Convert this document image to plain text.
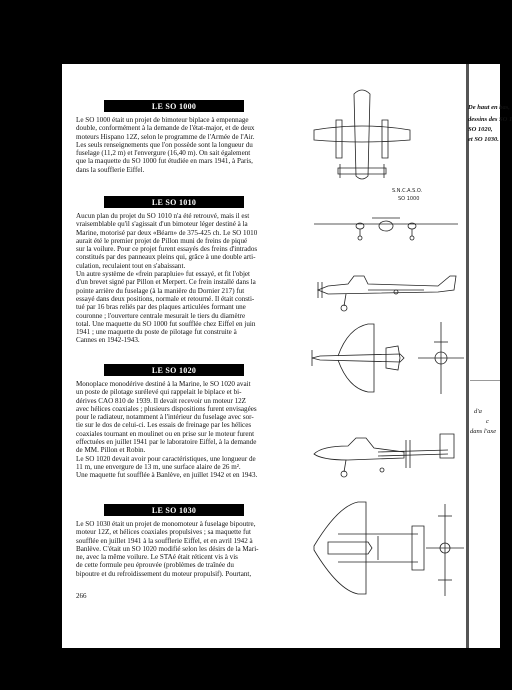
LE SO 1000

Le SO 1000 était un projet de bimoteur biplace à empennage
double, conformément à la demande de l'état-major, et de deux
moteurs Hispano 12Z, selon le programme de l'Armée de l'Air.
Les seuls renseignements que l'on possède sont la longueur du
fuselage (11,2 m) et l'envergure (16,40 m). On sait également
que la maquette du SO 1000 fut étudiée en mars 1941, à Paris,
dans la soufflerie Eiffel.

LE SO 1010

Aucun plan du projet du SO 1010 n'a été retrouvé, mais il est
vraisemblable qu'il s'agissait d'un bimoteur léger destiné à la
Marine, motorisé par deux «Béarn» de 375-425 ch. Le SO 1010
aurait été le premier projet de Pillon muni de freins de piqué
sur la voilure. Pour ce projet furent essayés des freins d'intrados
constitués par des panneaux pleins qui, grâce à une double arti-
culation, reculaient tout en s'abaissant.
Un autre système de «frein parapluie» fut essayé, et fit l'objet
d'un brevet signé par Pillon et Merpert. Ce frein installé dans la
pointe arrière du fuselage (à la manière du Dornier 217) fut
essayé dans deux positions, normale et retourné. Il était consti-
tué par 16 bras reliés par des plaques articulées formant une
couronne ; l'ouverture centrale mesurait le tiers du diamètre
total. Une maquette du SO 1000 fut soufflée chez Eiffel en juin
1941 ; une maquette du poste de pilotage fut construite à
Cannes en 1942-1943.

LE SO 1020

Monoplace monodérive destiné à la Marine, le SO 1020 avait
un poste de pilotage surélevé qui rappelait le biplace et bi-
dérives CAO 810 de 1939. Il devait recevoir un moteur 12Z
avec hélices coaxiales ; plusieurs dispositions furent envisagées
pour le radiateur, notamment à l'intérieur du fuselage avec sor-
tie sur le dos de celui-ci. Les essais de freinage par les hélices
coaxiales tournant en moulinet ou en prise sur le moteur furent
effectuées en juillet 1941 par le laboratoire Eiffel, à la demande
de MM. Pillon et Robin.
Le SO 1020 devait avoir pour caractéristiques, une longueur de
11 m, une envergure de 13 m, une surface alaire de 26 m².
Une maquette fut soufflée à Banlève, en juillet 1942 et en 1943.

LE SO 1030

Le SO 1030 était un projet de monomoteur à fuselage bipoutre,
moteur 12Z, et hélices coaxiales propulsives ; sa maquette fut
soufflée en juillet 1941 à la soufflerie Eiffel, et en avril 1942 à
Banlève. C'était un SO 1020 modifié selon les désirs de la Mari-
ne, avec la même voilure. Le STAé était réticent vis à vis
de cette formule peu éprouvée (problèmes de traînée du
bipoutre et du refroidissement du moteur propulsif). Pourtant,

266
S.N.C.A.S.O.
SO 1000
De haut en bas,
dessins des SO 1
SO 1020,
et SO 1030.
d'a
c
dans l'axe
